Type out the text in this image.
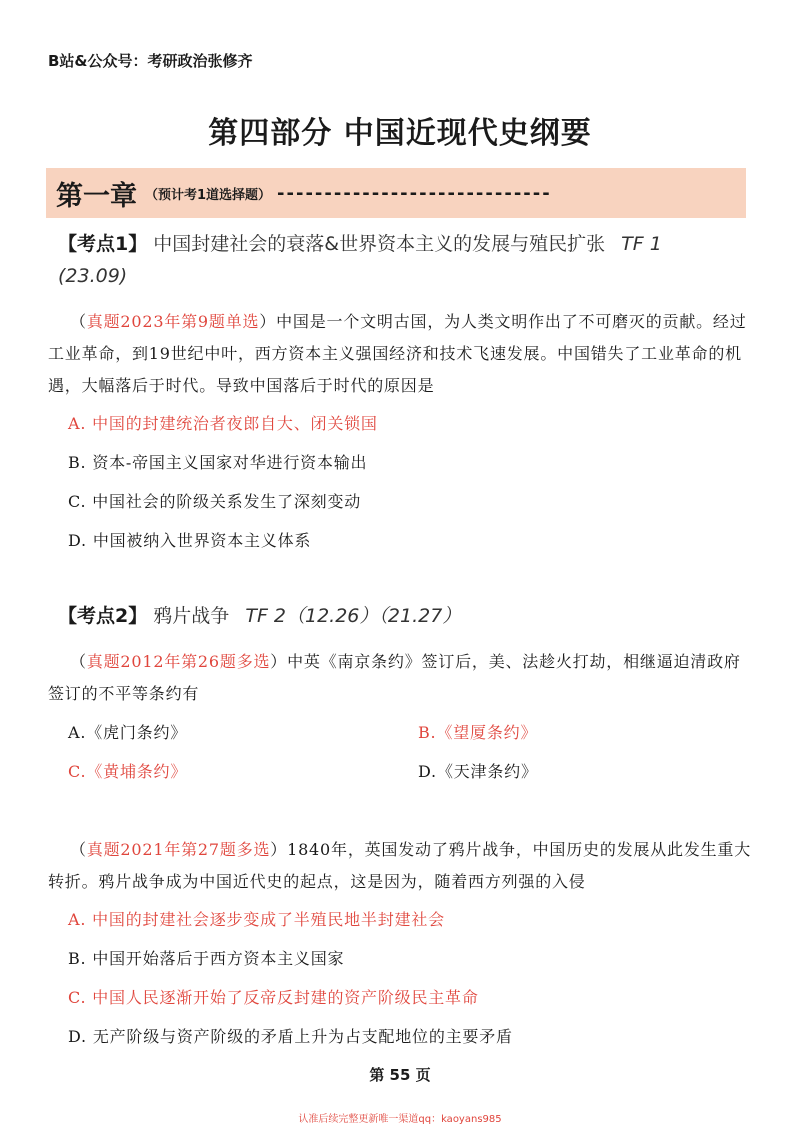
B站&公众号：考研政治张修齐
第四部分 中国近现代史纲要
第一章 （预计考1道选择题） -----------------------------
【考点1】 中国封建社会的衰落&世界资本主义的发展与殖民扩张 TF 1
(23.09)
（真题2023年第9题单选）中国是一个文明古国，为人类文明作出了不可磨灭的贡献。经过工业革命，到19世纪中叶，西方资本主义强国经济和技术飞速发展。中国错失了工业革命的机遇，大幅落后于时代。导致中国落后于时代的原因是
A. 中国的封建统治者夜郎自大、闭关锁国
B. 资本-帝国主义国家对华进行资本输出
C. 中国社会的阶级关系发生了深刻变动
D. 中国被纳入世界资本主义体系
【考点2】 鸦片战争 TF 2（12.26）（21.27）
（真题2012年第26题多选）中英《南京条约》签订后，美、法趁火打劫，相继逼迫清政府签订的不平等条约有
A.《虎门条约》	B.《望厦条约》
C.《黄埔条约》	D.《天津条约》
（真题2021年第27题多选）1840年，英国发动了鸦片战争，中国历史的发展从此发生重大转折。鸦片战争成为中国近代史的起点，这是因为，随着西方列强的入侵
A. 中国的封建社会逐步变成了半殖民地半封建社会
B. 中国开始落后于西方资本主义国家
C. 中国人民逐渐开始了反帝反封建的资产阶级民主革命
D. 无产阶级与资产阶级的矛盾上升为占支配地位的主要矛盾
第 55 页
认准后续完整更新唯一渠道qq：kaoyans985
